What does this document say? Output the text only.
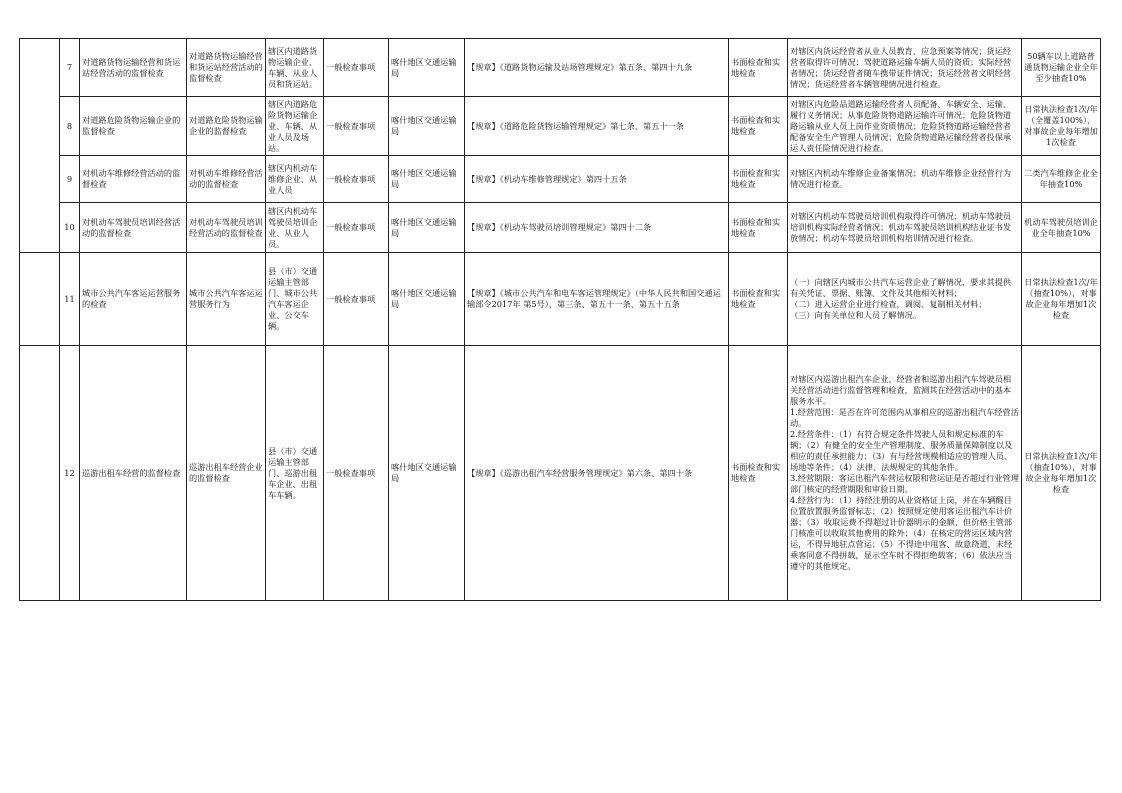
	7	对道路货物运输经营和货运站经营活动的监督检查	对道路货物运输经营和货运站经营活动的监督检查	辖区内道路货物运输企业、车辆、从业人员和货运站。	一般检查事项	喀什地区交通运输局	【规章】《道路货物运输及站场管理规定》第五条、第四十九条	书面检查和实地检查	对辖区内货运经营者从业人员教育、应急预案等情况；货运经营者取得许可情况；驾驶道路运输车辆人员的资质；实际经营者情况；货运经营者随车携带证件情况；货运经营者文明经营情况；货运经营者车辆管理情况进行检查。	50辆车以上道路普通货物运输企业全年至少抽查10%
	8	对道路危险货物运输企业的监督检查	对道路危险货物运输企业的监督检查	辖区内道路危险货物运输企业、车辆、从业人员及场站。	一般检查事项	喀什地区交通运输局	【规章】《道路危险货物运输管理规定》第七条、第五十一条	书面检查和实地检查	对辖区内危险品道路运输经营者人员配备、车辆安全、运输、履行义务情况；从事危险货物道路运输许可情况；危险货物道路运输从业人员上岗作业资质情况；危险货物道路运输经营者配备安全生产管理人员情况；危险货物道路运输经营者投保承运人责任险情况进行检查。	日常执法检查1次/年（全覆盖100%），对事故企业每年增加1次检查
	9	对机动车维修经营活动的监督检查	对机动车维修经营活动的监督检查	辖区内机动车维修企业、从业人员	一般检查事项	喀什地区交通运输局	【规章】《机动车维修管理规定》第四十五条	书面检查和实地检查	对辖区内机动车维修企业备案情况；机动车维修企业经营行为情况进行检查。	二类汽车维修企业全年抽查10%
	10	对机动车驾驶员培训经营活动的监督检查	对机动车驾驶员培训经营活动的监督检查	辖区内机动车驾驶员培训企业、从业人员。	一般检查事项	喀什地区交通运输局	【规章】《机动车驾驶员培训管理规定》第四十二条	书面检查和实地检查	对辖区内机动车驾驶员培训机构取得许可情况；机动车驾驶员培训机构实际经营者情况；机动车驾驶员培训机构结业证书发放情况；机动车驾驶员培训机构培训情况进行检查。	机动车驾驶员培训企业全年抽查10%
	11	城市公共汽车客运运营服务的检查	城市公共汽车客运运营服务行为	县（市）交通运输主管部门、城市公共汽车客运企业、公交车辆。	一般检查事项	喀什地区交通运输局	【规章】《城市公共汽车和电车客运管理规定》（中华人民共和国交通运输部令2017年 第5号），第三条、第五十一条、第五十五条	书面检查和实地检查	（一）向辖区内城市公共汽车运营企业了解情况，要求其提供有关凭证、票据、账簿、文件及其他相关材料；
（二）进入运营企业进行检查，调阅、复制相关材料；
（三）向有关单位和人员了解情况。	日常执法检查1次/年（抽查10%），对事故企业每年增加1次检查
	12	巡游出租车经营的监督检查	巡游出租车经营企业的监督检查	县（市）交通运输主管部门、巡游出租车企业、出租车车辆。	一般检查事项	喀什地区交通运输局	【规章】《巡游出租汽车经营服务管理规定》第六条、第四十条	书面检查和实地检查	对辖区内巡游出租汽车企业、经营者和巡游出租汽车驾驶员相关经营活动进行监督管理和检查，监测其在经营活动中的基本服务水平。
1.经营范围：是否在许可范围内从事相应的巡游出租汽车经营活动。
2.经营条件：（1）有符合规定条件驾驶人员和规定标准的车辆；（2）有健全的安全生产管理制度、服务质量保障制度以及相应的责任承担能力；（3）有与经营规模相适应的管理人员、场地等条件；（4）法律、法规规定的其他条件。
3.经营期限：客运出租汽车营运权限和营运证是否超过行业管理部门核定的经营期限和审验日期。
4.经营行为：（1）持经注册的从业资格证上岗，并在车辆醒目位置放置服务监督标志；（2）按照规定使用客运出租汽车计价器；（3）收取运费不得超过计价器明示的金额，但价格主管部门核准可以收取其他费用的除外；（4）在核定的营运区域内营运，不得异地驻点营运；（5）不得途中甩客、故意绕道，未经乘客同意不得拼载，显示空车时不得拒绝载客；（6）依法应当遵守的其他规定。	日常执法检查1次/年（抽查10%），对事故企业每年增加1次检查
